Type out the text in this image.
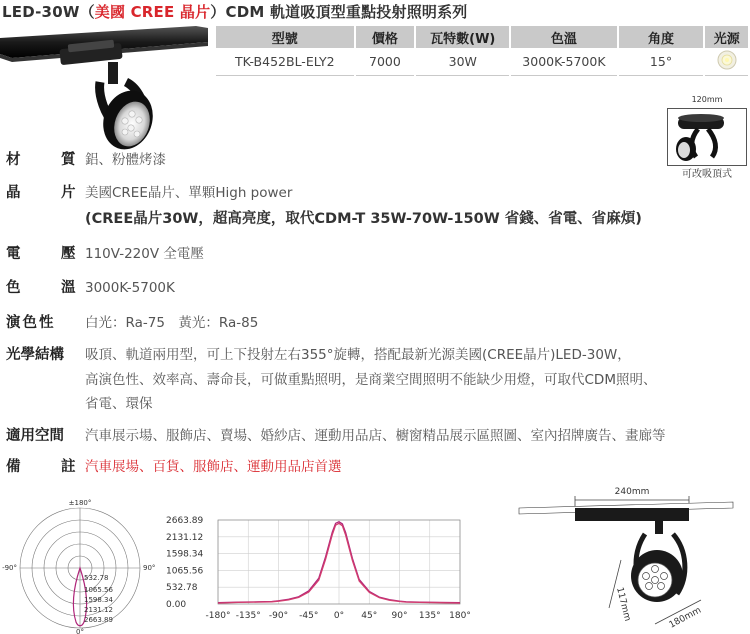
LED-30W（美國 CREE 晶片）CDM 軌道吸頂型重點投射照明系列
型號	價格	瓦特數(W)	色溫	角度	光源
TK-B452BL-ELY2	7000	30W	3000K-5700K	15°	
120mm
可改吸頂式
材　質
鋁、粉體烤漆
晶　片
美國CREE晶片、單顆High power
(CREE晶片30W，超高亮度，取代CDM-T 35W-70W-150W 省錢、省電、省麻煩)
電　壓
110V-220V 全電壓
色　溫
3000K-5700K
演色性	白光：Ra-75　黃光：Ra-85
光學結構	吸頂、軌道兩用型，可上下投射左右355°旋轉，搭配最新光源美國(CREE晶片)LED-30W，
高演色性、效率高、壽命長，可做重點照明，是商業空間照明不能缺少用燈，可取代CDM照明、
省電、環保
適用空間	汽車展示場、服飾店、賣場、婚紗店、運動用品店、櫥窗精品展示區照圖、室內招牌廣告、畫廊等
備　註
汽車展場、百貨、服飾店、運動用品店首選
±180°
-90°	90°
0°
532.78
1065.56
1598.34
2131.12
2663.89
0.00
532.78
1065.56
1598.34
2131.12
2663.89
-180° -135° -90° -45° 0° 45° 90° 135° 180°
240mm
117mm	180mm
